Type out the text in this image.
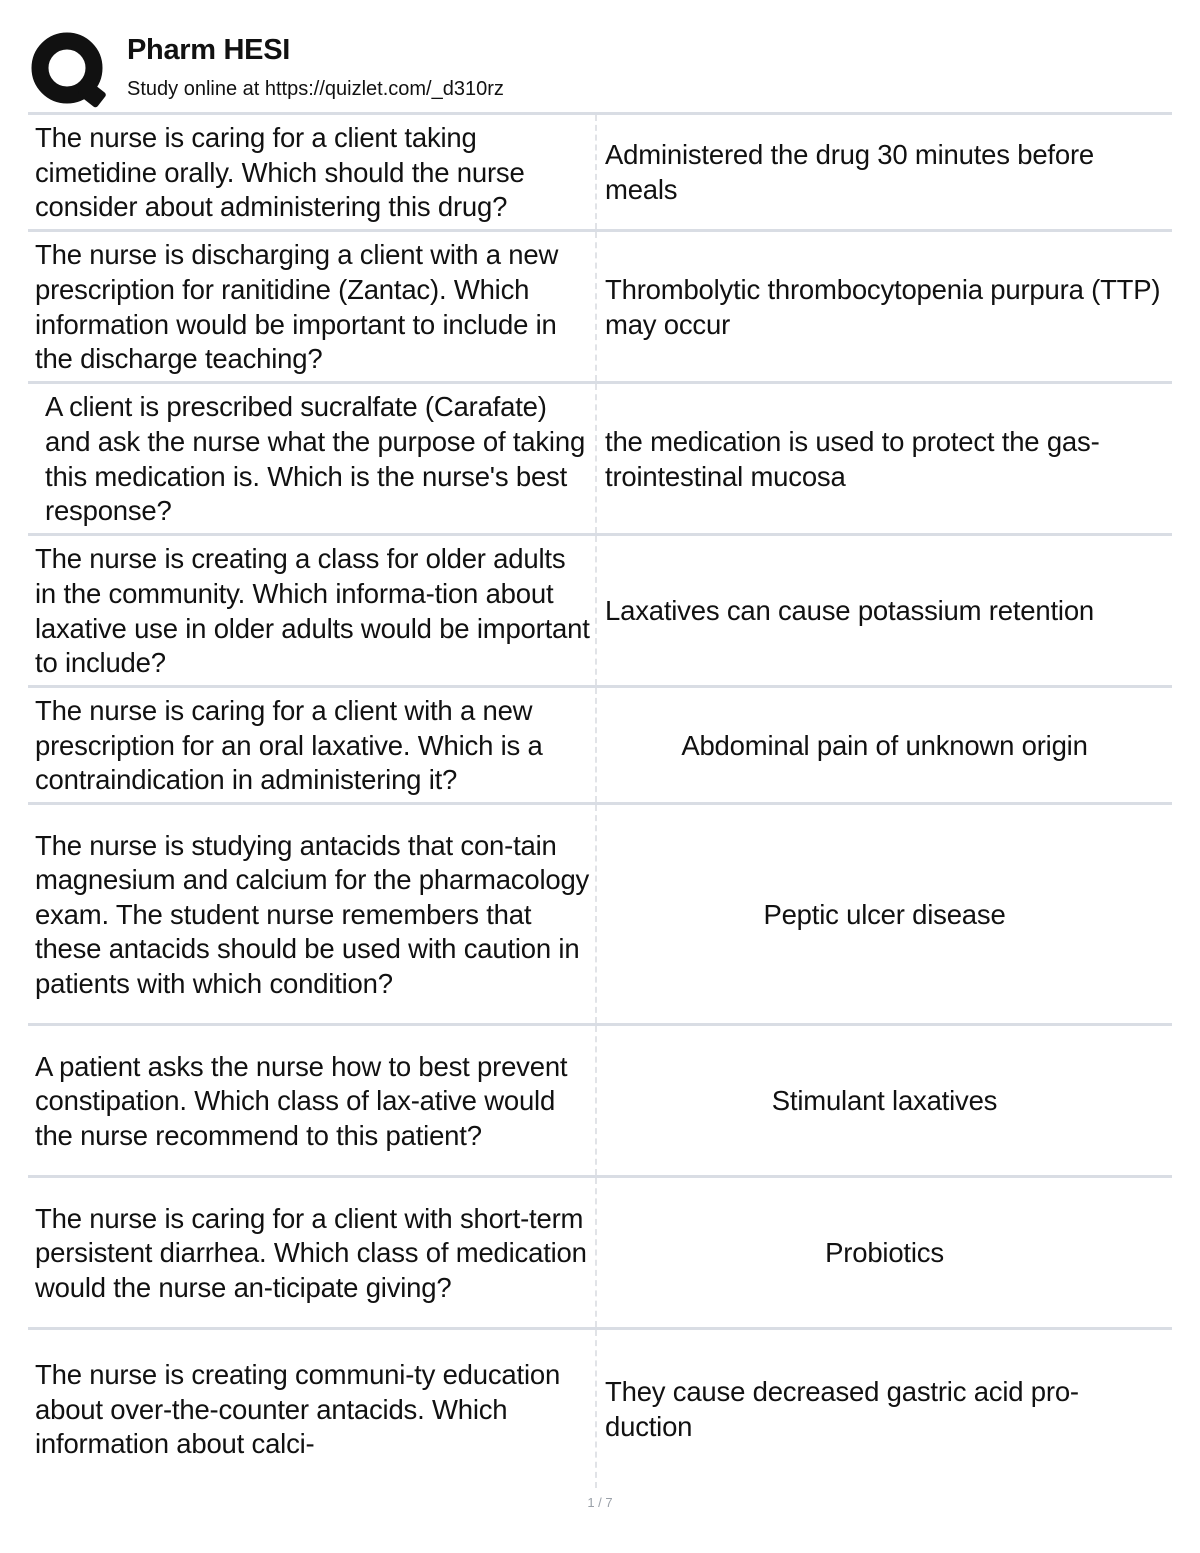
Pharm HESI
Study online at https://quizlet.com/_d310rz
The nurse is caring for a client taking cimetidine orally. Which should the nurse consider about administering this drug?
Administered the drug 30 minutes before meals
The nurse is discharging a client with a new prescription for ranitidine (Zantac). Which information would be important to include in the discharge teaching?
Thrombolytic thrombocytopenia purpura (TTP) may occur
A client is prescribed sucralfate (Carafate) and ask the nurse what the purpose of taking this medication is. Which is the nurse's best response?
the medication is used to protect the gas-trointestinal mucosa
The nurse is creating a class for older adults in the community. Which informa-tion about laxative use in older adults would be important to include?
Laxatives can cause potassium retention
The nurse is caring for a client with a new prescription for an oral laxative. Which is a contraindication in administering it?
Abdominal pain of unknown origin
The nurse is studying antacids that con-tain magnesium and calcium for the pharmacology exam. The student nurse remembers that these antacids should be used with caution in patients with which condition?
Peptic ulcer disease
A patient asks the nurse how to best prevent constipation. Which class of lax-ative would the nurse recommend to this patient?
Stimulant laxatives
The nurse is caring for a client with short-term persistent diarrhea. Which class of medication would the nurse an-ticipate giving?
Probiotics
The nurse is creating communi-ty education about over-the-counter antacids. Which information about calci-
They cause decreased gastric acid pro-duction
1 / 7
